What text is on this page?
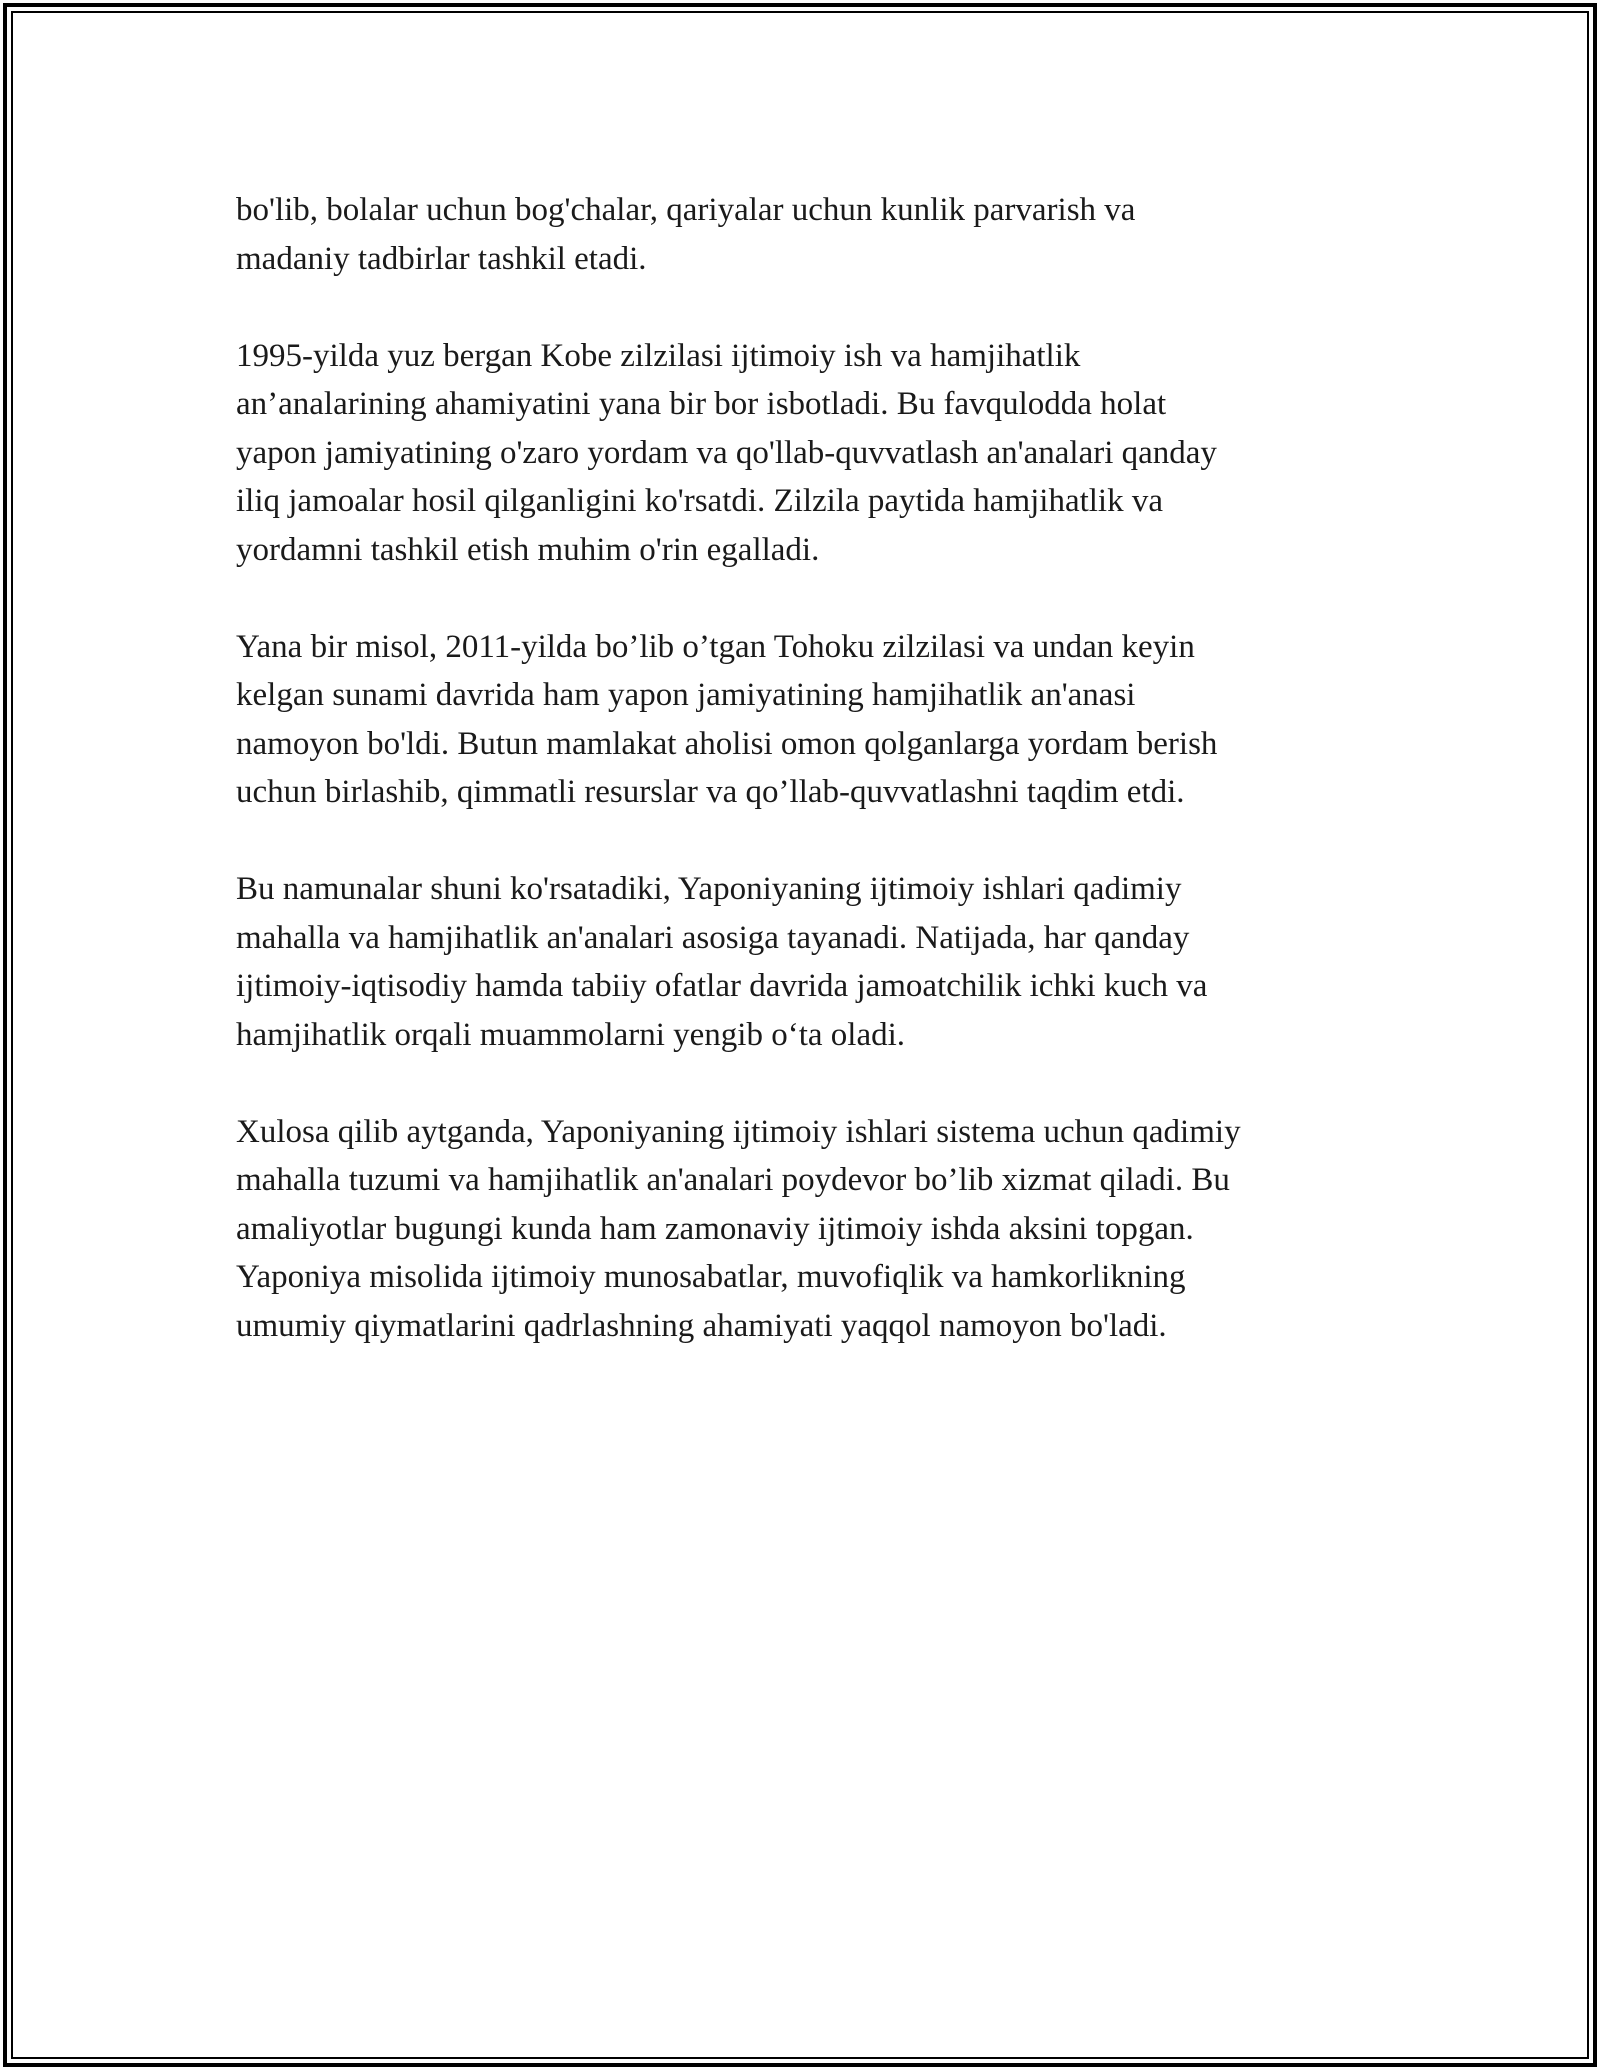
bo'lib, bolalar uchun bog'chalar, qariyalar uchun kunlik parvarish va
madaniy tadbirlar tashkil etadi.

1995-yilda yuz bergan Kobe zilzilasi ijtimoiy ish va hamjihatlik
an’analarining ahamiyatini yana bir bor isbotladi. Bu favqulodda holat
yapon jamiyatining o'zaro yordam va qo'llab-quvvatlash an'analari qanday
iliq jamoalar hosil qilganligini ko'rsatdi. Zilzila paytida hamjihatlik va
yordamni tashkil etish muhim o'rin egalladi.

Yana bir misol, 2011-yilda bo’lib o’tgan Tohoku zilzilasi va undan keyin
kelgan sunami davrida ham yapon jamiyatining hamjihatlik an'anasi
namoyon bo'ldi. Butun mamlakat aholisi omon qolganlarga yordam berish
uchun birlashib, qimmatli resurslar va qo’llab-quvvatlashni taqdim etdi.

Bu namunalar shuni ko'rsatadiki, Yaponiyaning ijtimoiy ishlari qadimiy
mahalla va hamjihatlik an'analari asosiga tayanadi. Natijada, har qanday
ijtimoiy-iqtisodiy hamda tabiiy ofatlar davrida jamoatchilik ichki kuch va
hamjihatlik orqali muammolarni yengib o‘ta oladi.

Xulosa qilib aytganda, Yaponiyaning ijtimoiy ishlari sistema uchun qadimiy
mahalla tuzumi va hamjihatlik an'analari poydevor bo’lib xizmat qiladi. Bu
amaliyotlar bugungi kunda ham zamonaviy ijtimoiy ishda aksini topgan.
Yaponiya misolida ijtimoiy munosabatlar, muvofiqlik va hamkorlikning
umumiy qiymatlarini qadrlashning ahamiyati yaqqol namoyon bo'ladi.
